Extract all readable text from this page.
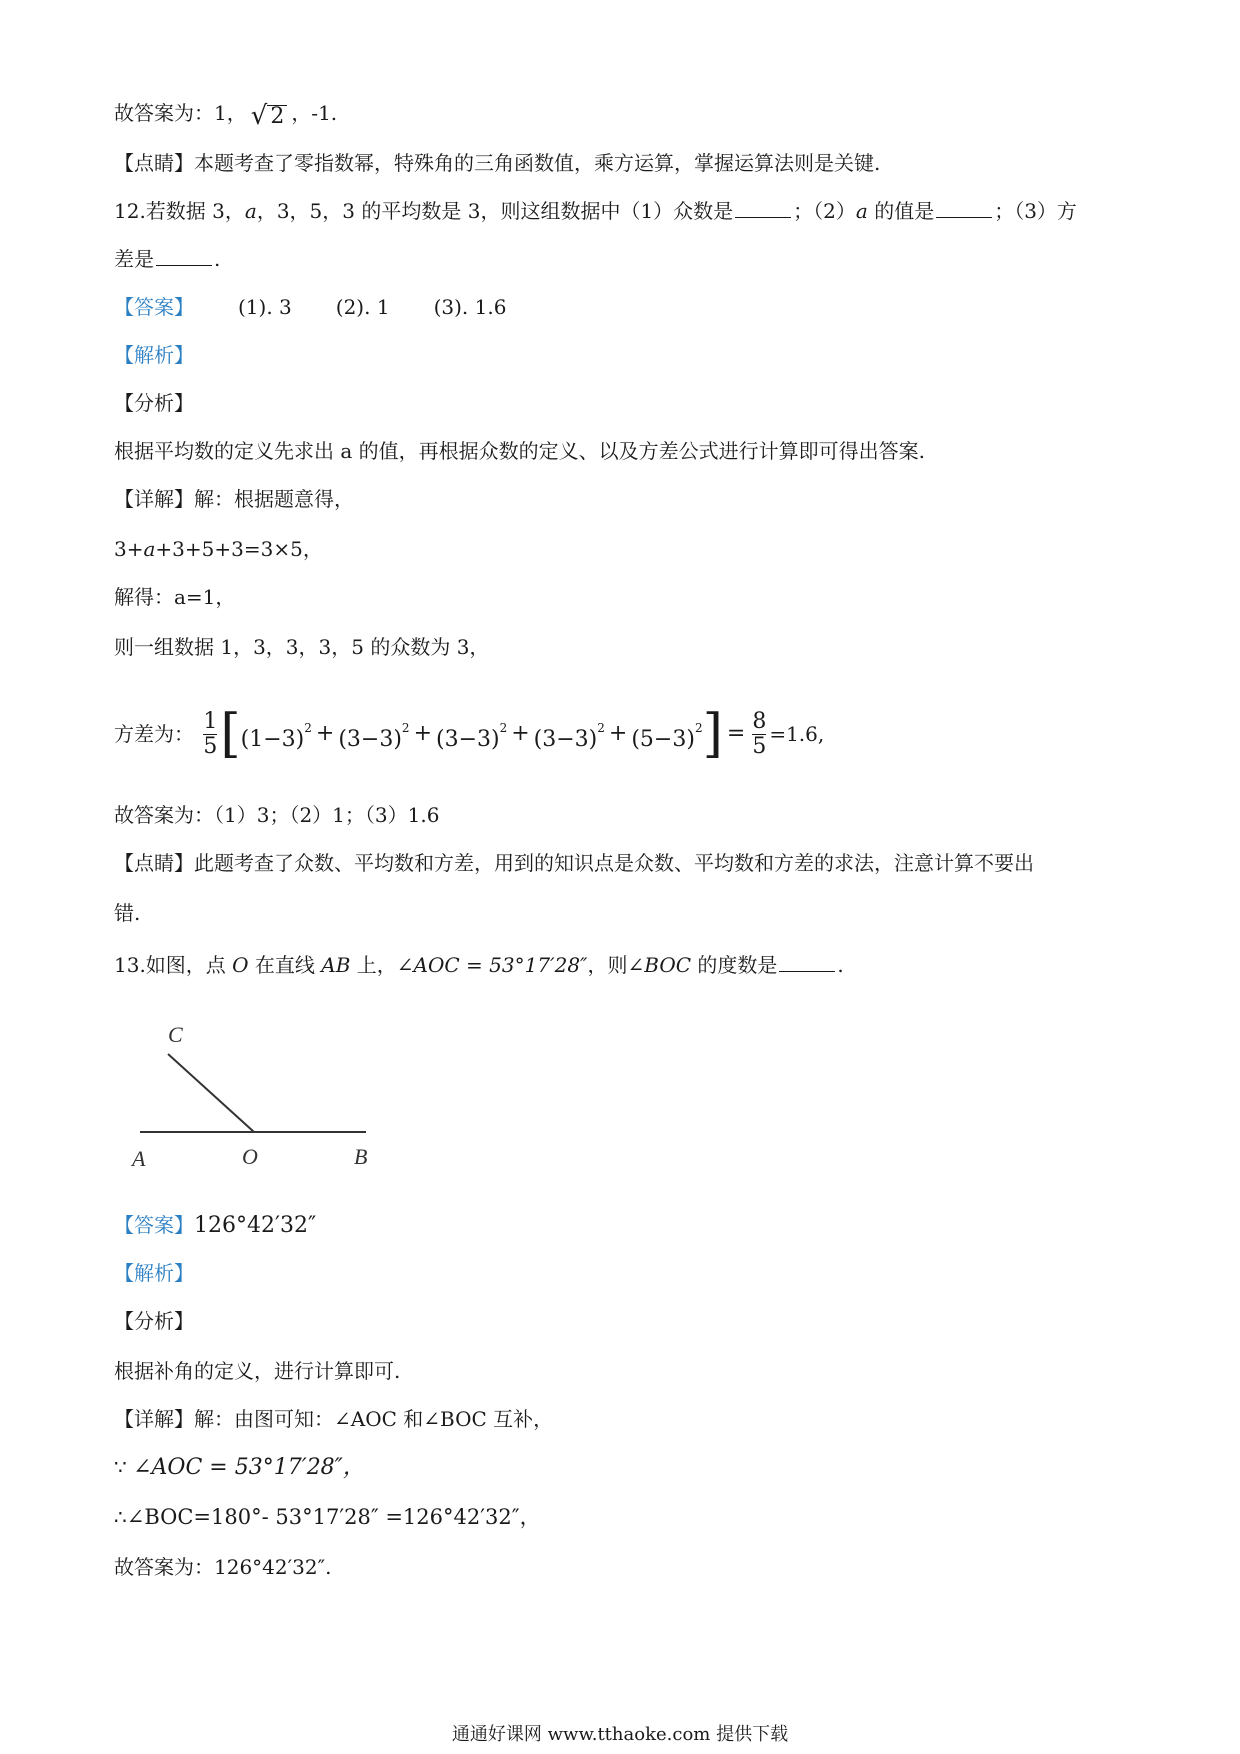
故答案为：1， √ 2 ，-1.
【点睛】本题考查了零指数幂，特殊角的三角函数值，乘方运算，掌握运算法则是关键.
12.若数据 3，a，3，5，3 的平均数是 3，则这组数据中（1）众数是	；（2）a 的值是	；（3）方
差是	.
【答案】 (1). 3 (2). 1 (3). 1.6
【解析】
【分析】
根据平均数的定义先求出 a 的值，再根据众数的定义、以及方差公式进行计算即可得出答案.
【详解】解：根据题意得，
3+a+3+5+3=3×5，
解得：a=1，
则一组数据 1，3，3，3，5 的众数为 3，
方差为： $\frac{1}{5} [(1-3)^2 + (3-3)^2 + (3-3)^2 + (3-3)^2 + (5-3)^2] = \frac{8}{5} =1.6$,
故答案为：（1）3；（2）1；（3）1.6
【点睛】此题考查了众数、平均数和方差，用到的知识点是众数、平均数和方差的求法，注意计算不要出
错.
13.如图，点 O 在直线 AB 上，∠AOC = 53°17′28″，则∠BOC 的度数是	.
C
A	O	B
【答案】126°42′32″
【解析】
【分析】
根据补角的定义，进行计算即可.
【详解】解：由图可知：∠AOC 和∠BOC 互补，
∵ ∠AOC = 53°17′28″，
∴∠BOC=180°- 53°17′28″ =126°42′32″，
故答案为：126°42′32″.
通通好课网 www.tthaoke.com 提供下载
